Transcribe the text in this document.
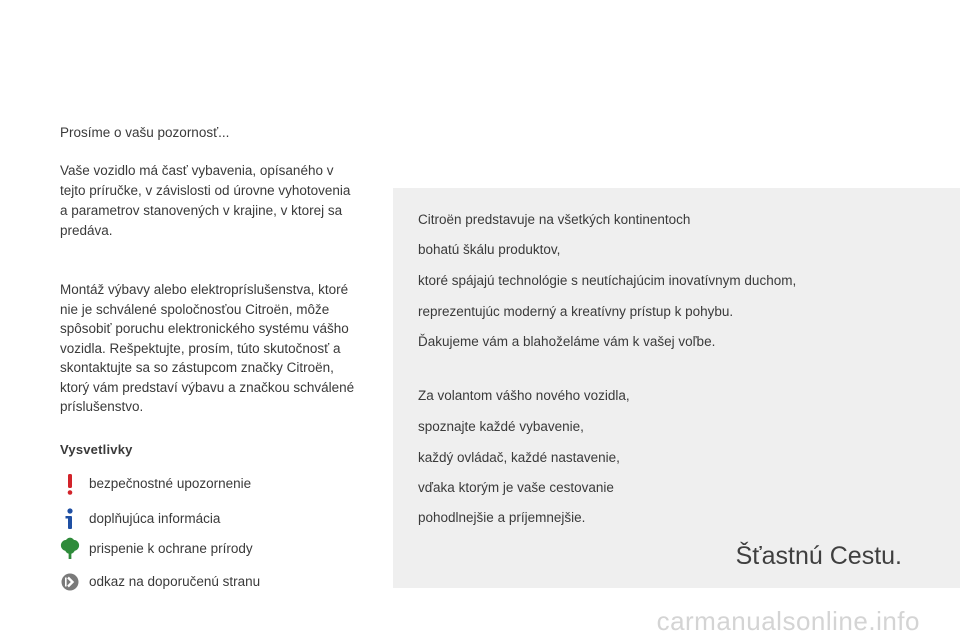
Prosíme o vašu pozornosť...
Vaše vozidlo má časť vybavenia, opísaného v tejto príručke, v závislosti od úrovne vyhotovenia a parametrov stanovených v krajine, v ktorej sa predáva.
Montáž výbavy alebo elektropríslušenstva, ktoré nie je schválené spoločnosťou Citroën, môže spôsobiť poruchu elektronického systému vášho vozidla. Rešpektujte, prosím, túto skutočnosť a skontaktujte sa so zástupcom značky Citroën, ktorý vám predstaví výbavu a značkou schválené príslušenstvo.
Vysvetlivky
bezpečnostné upozornenie
doplňujúca informácia
prispenie k ochrane prírody
odkaz na doporučenú stranu
Citroën predstavuje na všetkých kontinentoch
bohatú škálu produktov,
ktoré spájajú technológie s neutíchajúcim inovatívnym duchom,
reprezentujúc moderný a kreatívny prístup k pohybu.
Ďakujeme vám a blahoželáme vám k vašej voľbe.
Za volantom vášho nového vozidla,
spoznajte každé vybavenie,
každý ovládač, každé nastavenie,
vďaka ktorým je vaše cestovanie
pohodlnejšie a príjemnejšie.
Šťastnú Cestu.
carmanualsonline.info
